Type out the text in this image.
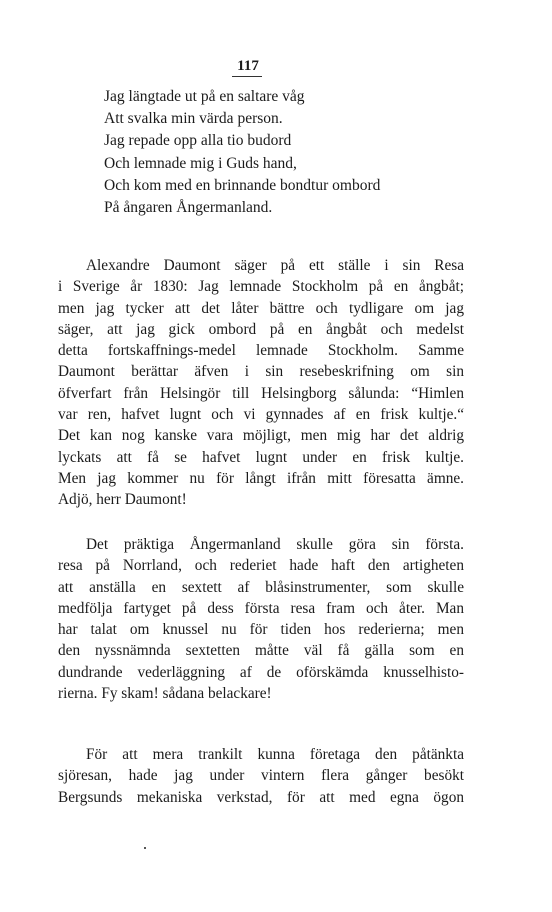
117
Jag längtade ut på en saltare våg
Att svalka min värda person.
Jag repade opp alla tio budord
Och lemnade mig i Guds hand,
Och kom med en brinnande bondtur ombord
På ångaren Ångermanland.
Alexandre Daumont säger på ett ställe i sin Resa
i Sverige år 1830: Jag lemnade Stockholm på en ångbåt;
men jag tycker att det låter bättre och tydligare om jag
säger, att jag gick ombord på en ångbåt och medelst
detta fortskaffnings-medel lemnade Stockholm. Samme
Daumont berättar äfven i sin resebeskrifning om sin
öfverfart från Helsingör till Helsingborg sålunda: “Himlen
var ren, hafvet lugnt och vi gynnades af en frisk kultje.“
Det kan nog kanske vara möjligt, men mig har det aldrig
lyckats att få se hafvet lugnt under en frisk kultje.
Men jag kommer nu för långt ifrån mitt föresatta ämne.
Adjö, herr Daumont!
Det präktiga Ångermanland skulle göra sin första.
resa på Norrland, och rederiet hade haft den artigheten
att anställa en sextett af blåsinstrumenter, som skulle
medfölja fartyget på dess första resa fram och åter. Man
har talat om knussel nu för tiden hos rederierna; men
den nyssnämnda sextetten måtte väl få gälla som en
dundrande vederläggning af de oförskämda knusselhisto-
rierna. Fy skam! sådana belackare!
För att mera trankilt kunna företaga den påtänkta
sjöresan, hade jag under vintern flera gånger besökt
Bergsunds mekaniska verkstad, för att med egna ögon
